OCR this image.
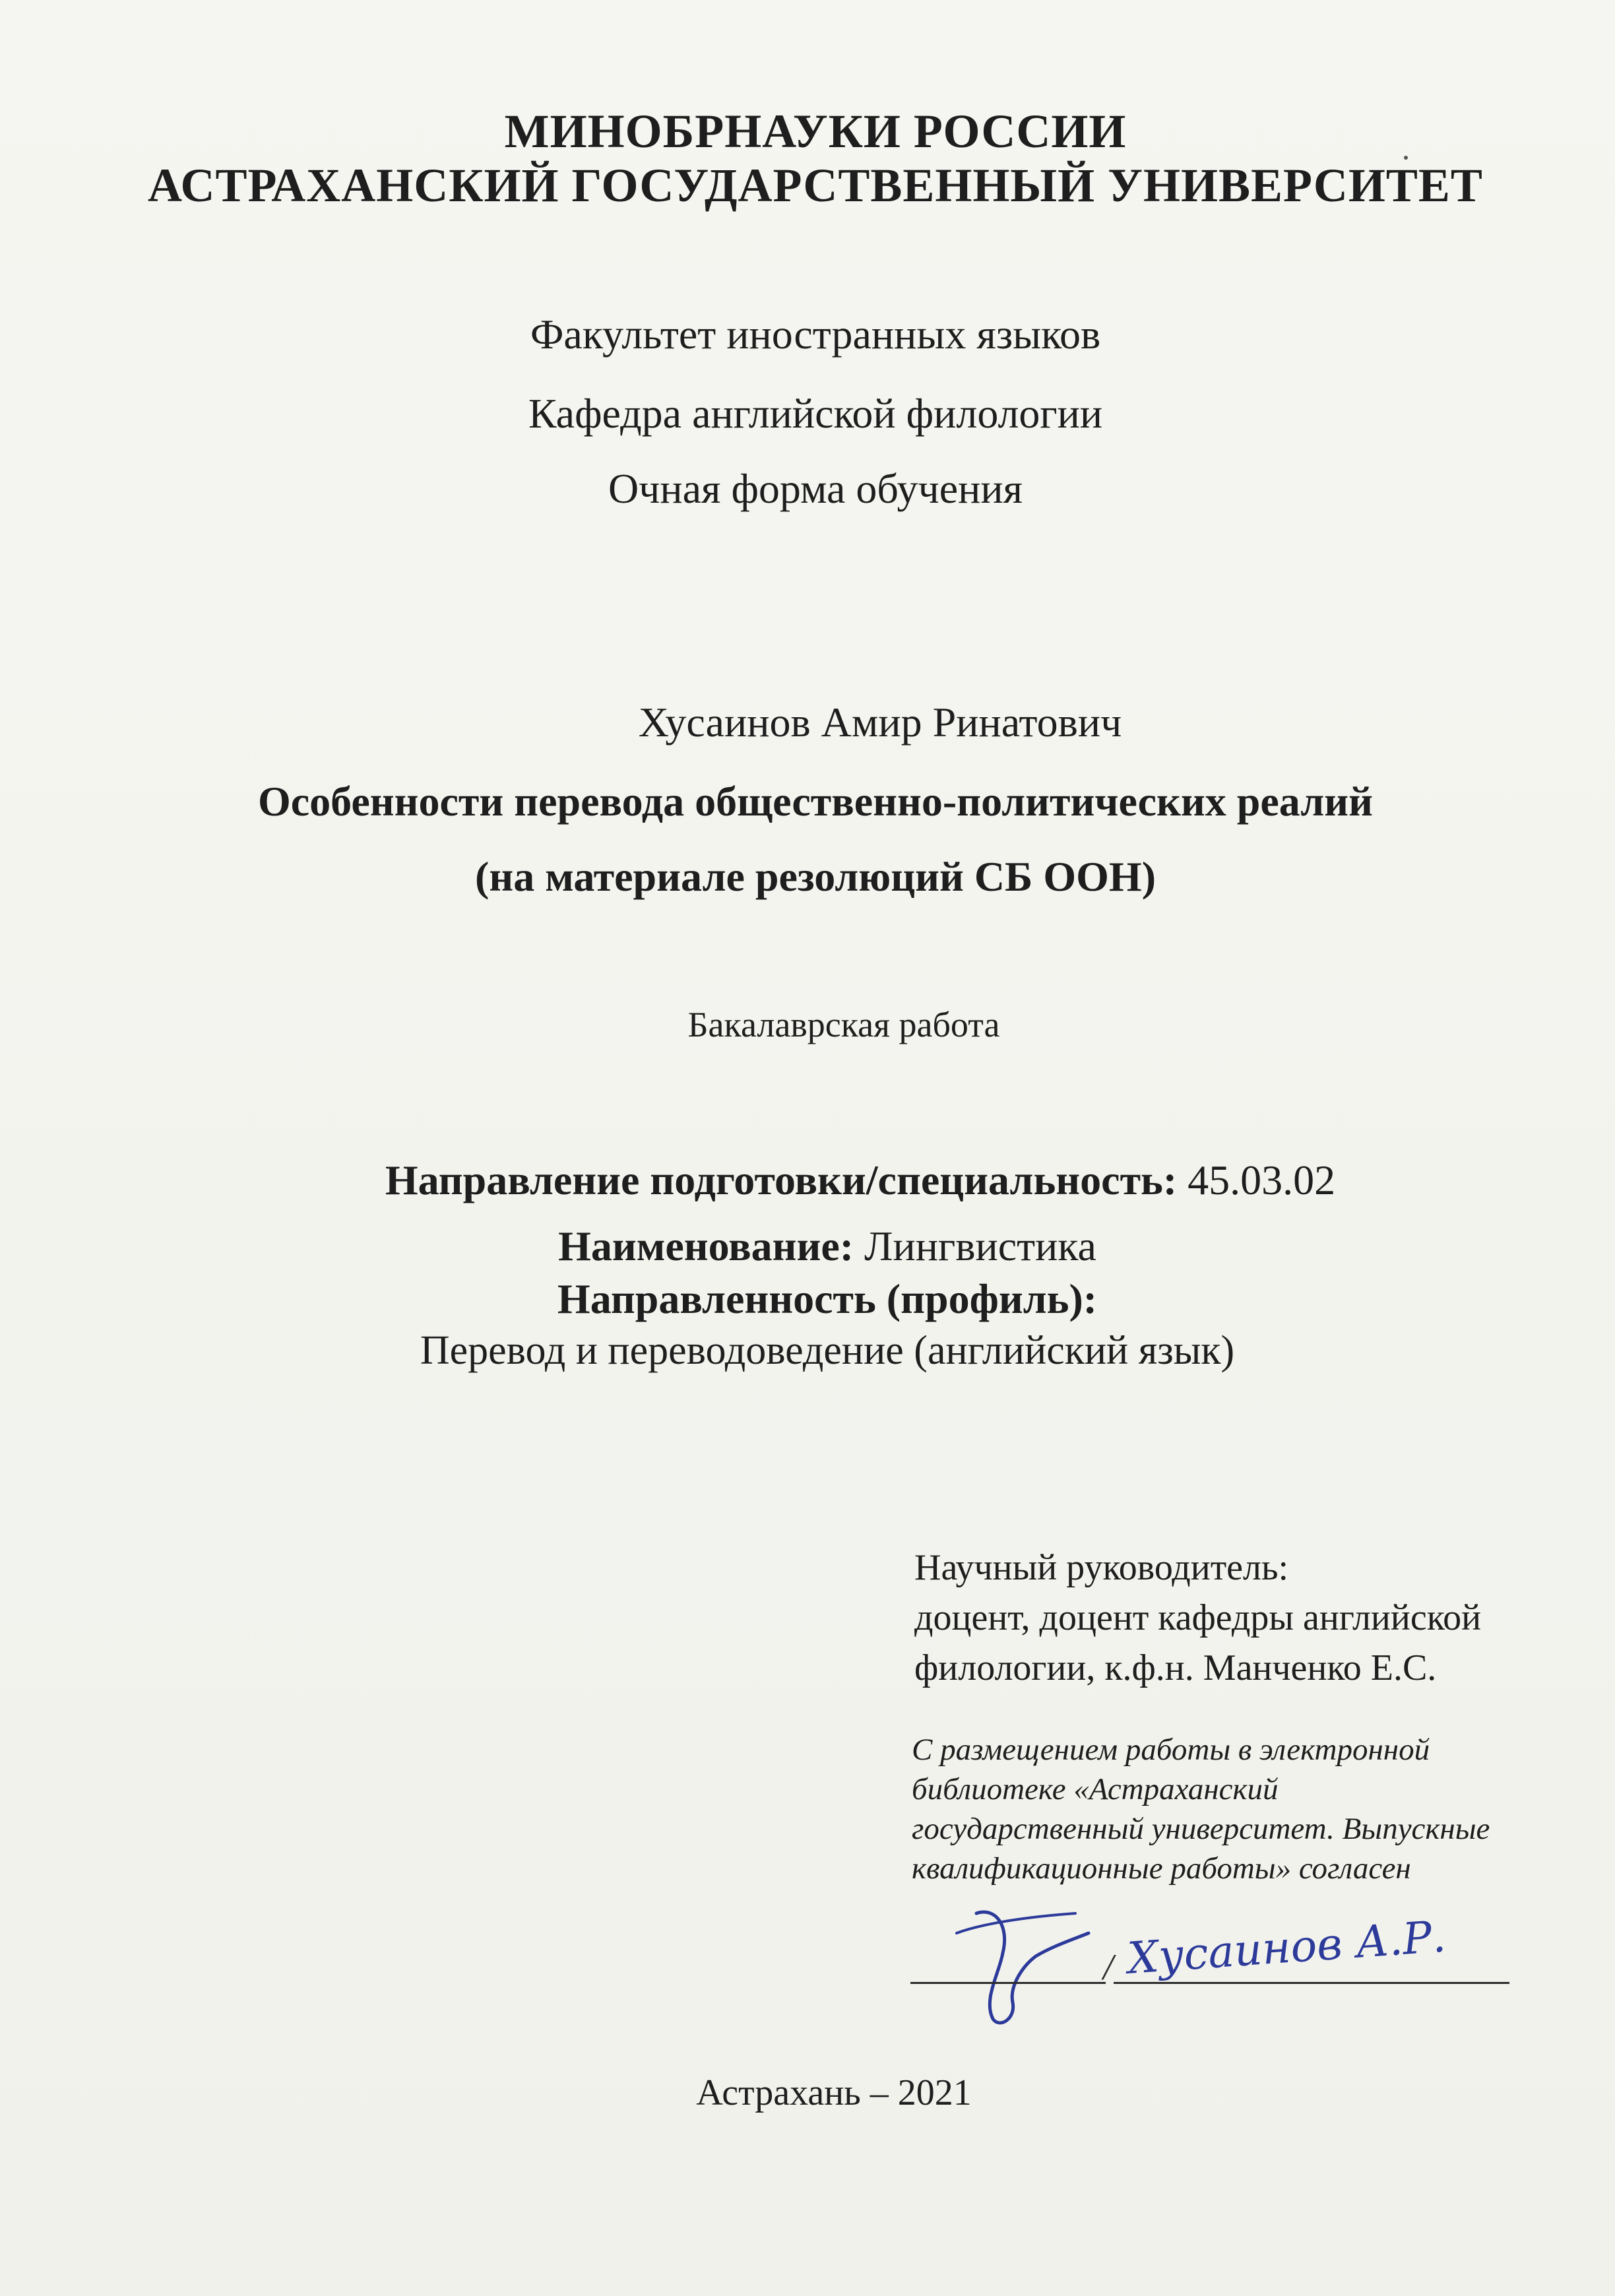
МИНОБРНАУКИ РОССИИ
АСТРАХАНСКИЙ ГОСУДАРСТВЕННЫЙ УНИВЕРСИТЕТ
Факультет иностранных языков
Кафедра английской филологии
Очная форма обучения
Хусаинов Амир Ринатович
Особенности перевода общественно-политических реалий
(на материале резолюций СБ ООН)
Бакалаврская работа
Направление подготовки/специальность: 45.03.02
Наименование: Лингвистика
Направленность (профиль):
Перевод и переводоведение (английский язык)
Научный руководитель:
доцент, доцент кафедры английской
филологии, к.ф.н. Манченко Е.С.
С размещением работы в электронной
библиотеке «Астраханский
государственный университет. Выпускные
квалификационные работы» согласен
/ Хусаинов А.Р.
Астрахань – 2021
